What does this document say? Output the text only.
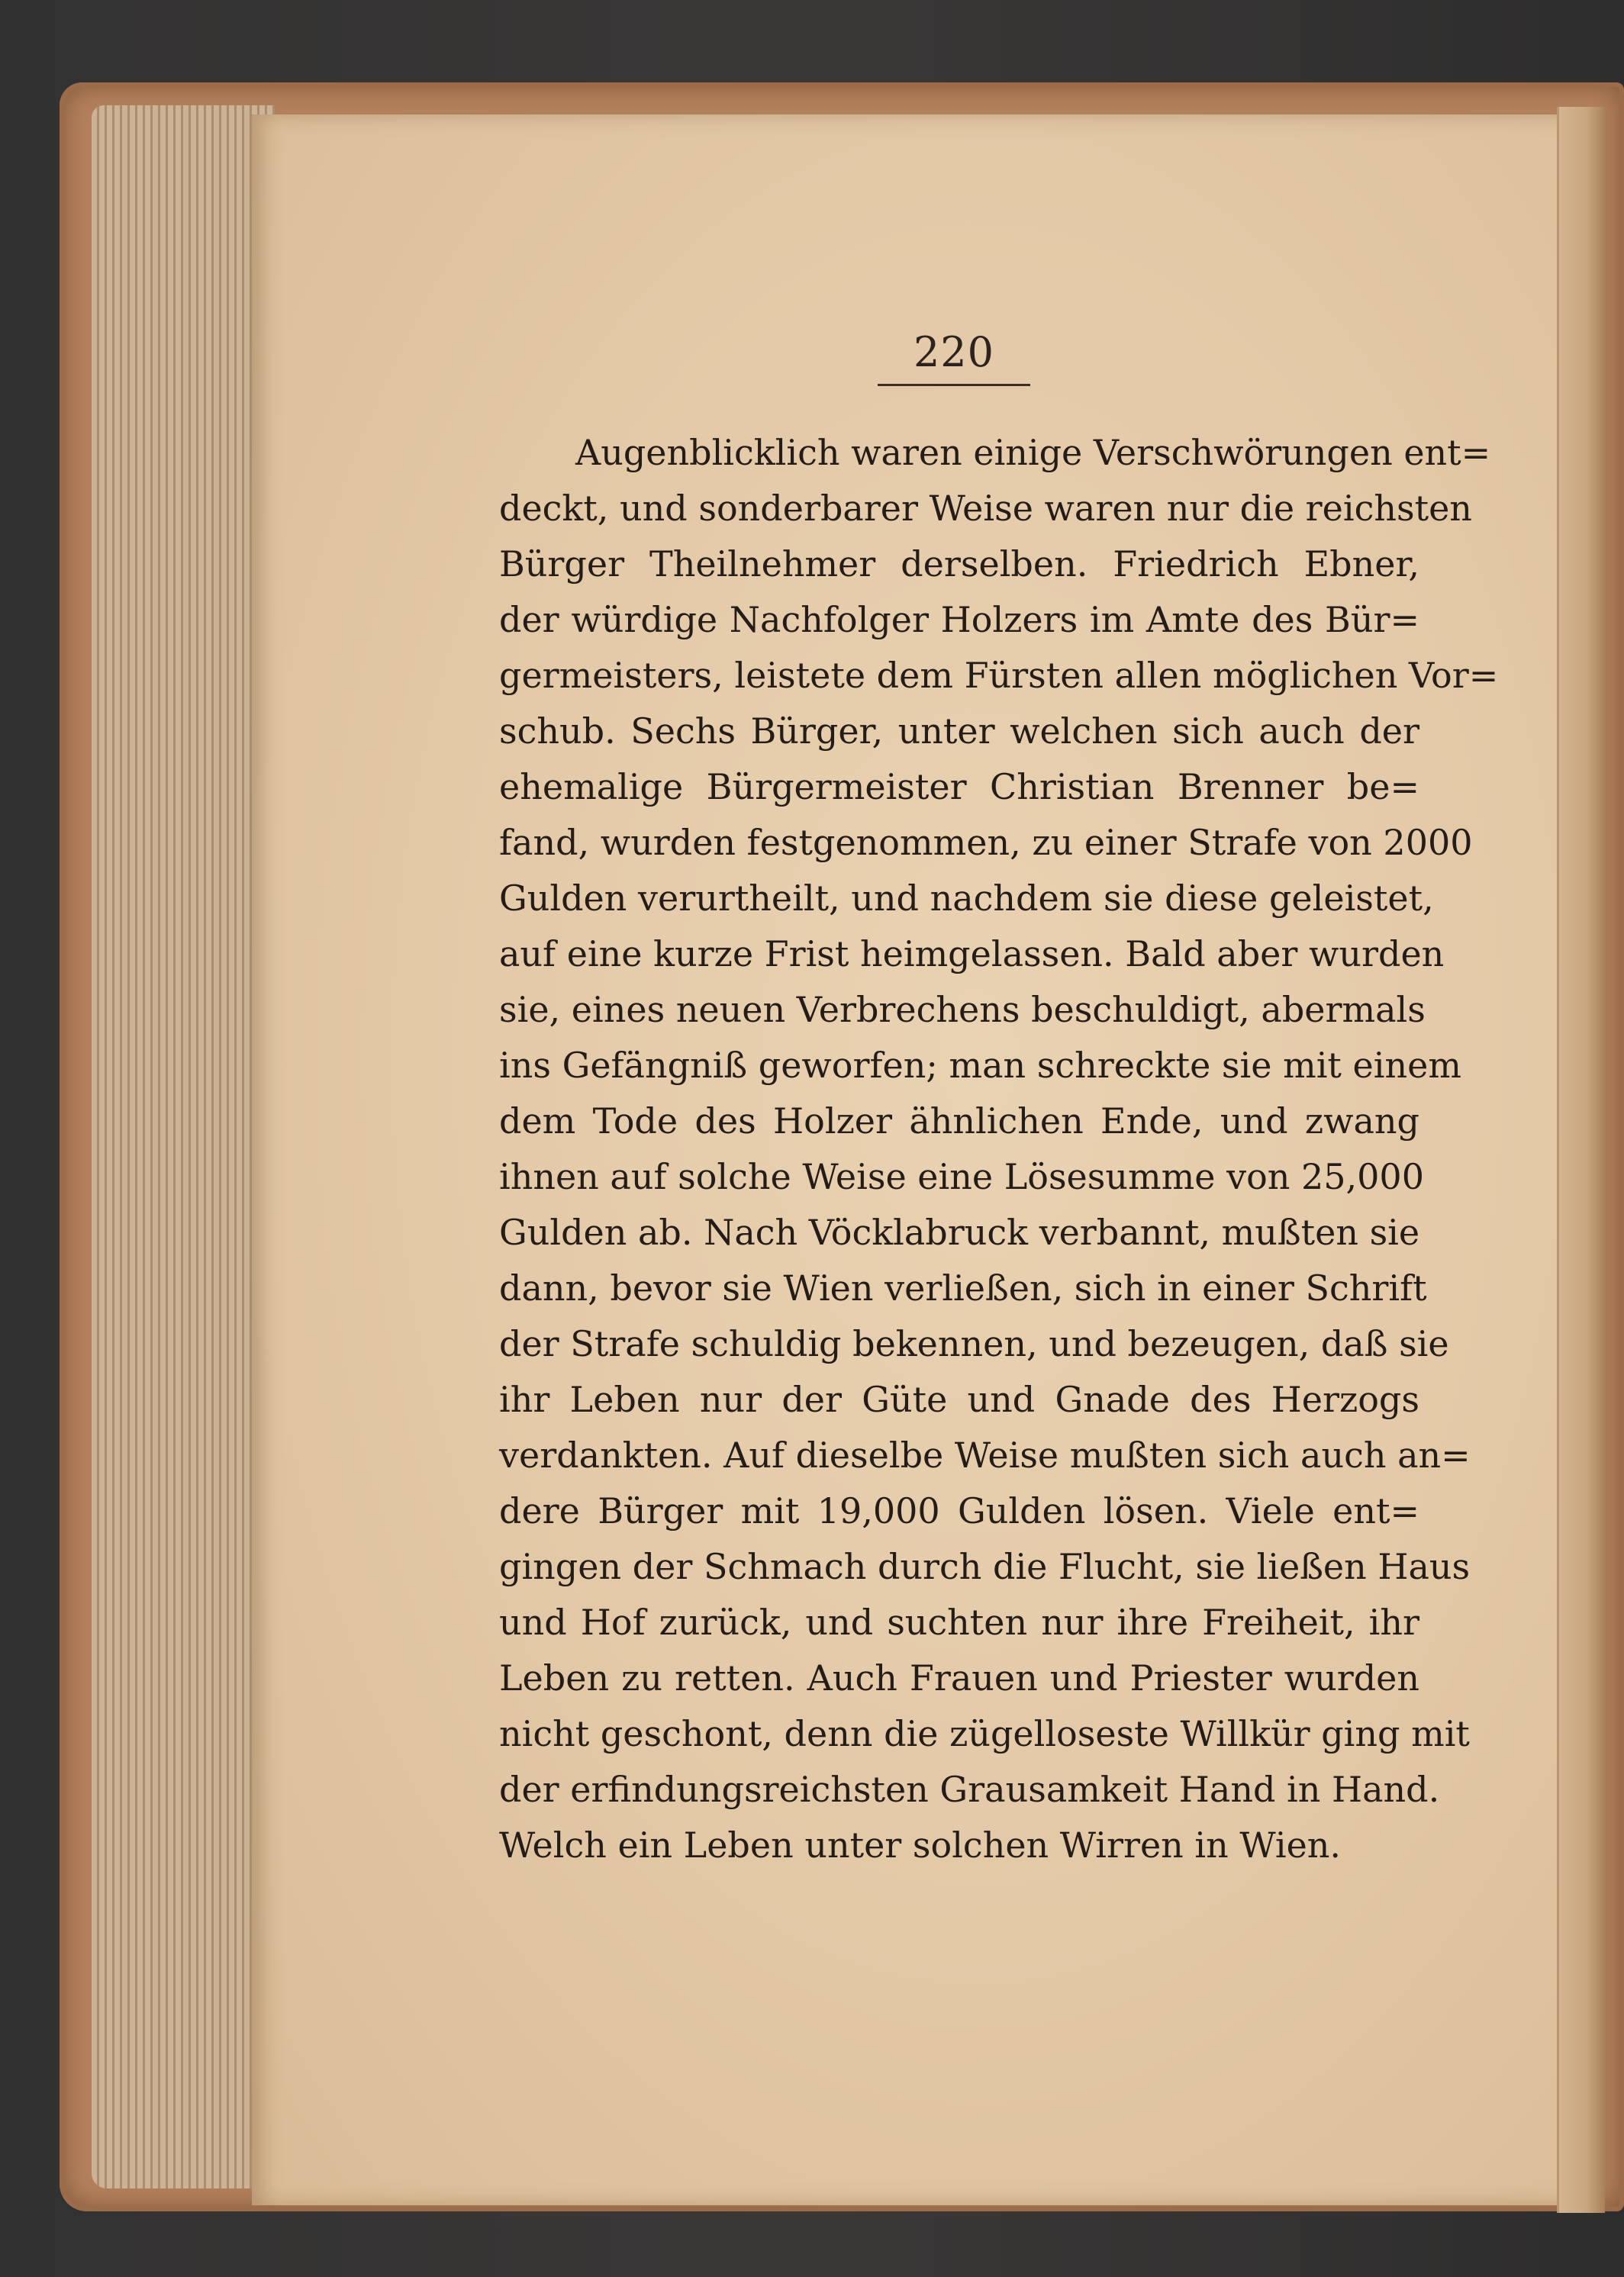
220
Augenblicklich waren einige Verschwörungen ent=
deckt, und sonderbarer Weise waren nur die reichsten
Bürger Theilnehmer derselben. Friedrich Ebner,
der würdige Nachfolger Holzers im Amte des Bür=
germeisters, leistete dem Fürsten allen möglichen Vor=
schub. Sechs Bürger, unter welchen sich auch der
ehemalige Bürgermeister Christian Brenner be=
fand, wurden festgenommen, zu einer Strafe von 2000
Gulden verurtheilt, und nachdem sie diese geleistet,
auf eine kurze Frist heimgelassen. Bald aber wurden
sie, eines neuen Verbrechens beschuldigt, abermals
ins Gefängniß geworfen; man schreckte sie mit einem
dem Tode des Holzer ähnlichen Ende, und zwang
ihnen auf solche Weise eine Lösesumme von 25,000
Gulden ab. Nach Vöcklabruck verbannt, mußten sie
dann, bevor sie Wien verließen, sich in einer Schrift
der Strafe schuldig bekennen, und bezeugen, daß sie
ihr Leben nur der Güte und Gnade des Herzogs
verdankten. Auf dieselbe Weise mußten sich auch an=
dere Bürger mit 19,000 Gulden lösen. Viele ent=
gingen der Schmach durch die Flucht, sie ließen Haus
und Hof zurück, und suchten nur ihre Freiheit, ihr
Leben zu retten. Auch Frauen und Priester wurden
nicht geschont, denn die zügelloseste Willkür ging mit
der erfindungsreichsten Grausamkeit Hand in Hand.
Welch ein Leben unter solchen Wirren in Wien.
